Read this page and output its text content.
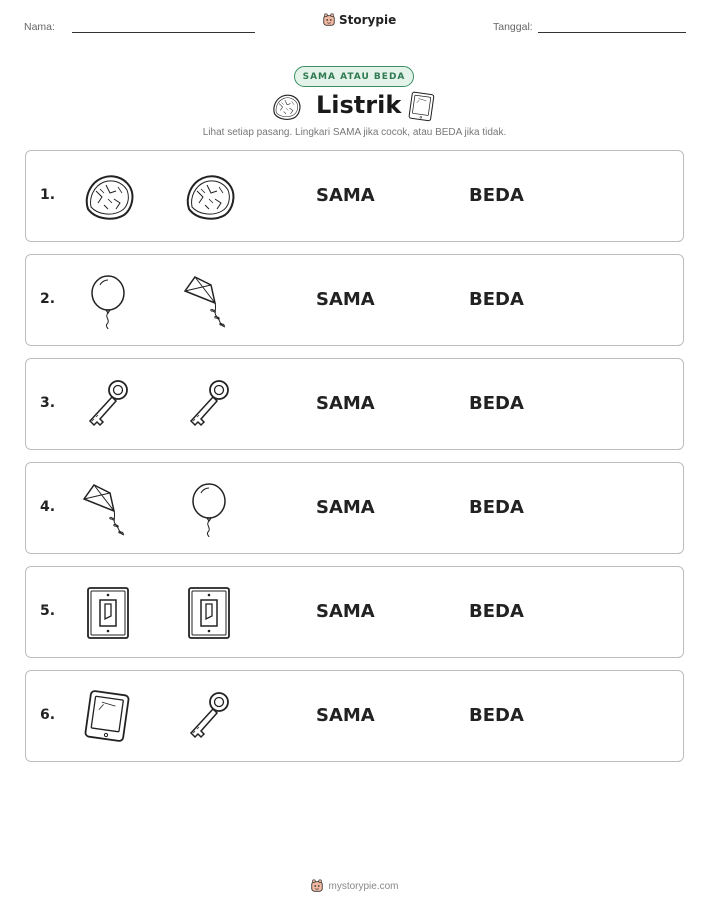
Nama:	Storypie	Tanggal:
SAMA ATAU BEDA
Listrik
Lihat setiap pasang. Lingkari SAMA jika cocok, atau BEDA jika tidak.
1.	SAMA	BEDA
2.	SAMA	BEDA
3.	SAMA	BEDA
4.	SAMA	BEDA
5.	SAMA	BEDA
6.	SAMA	BEDA
mystorypie.com
